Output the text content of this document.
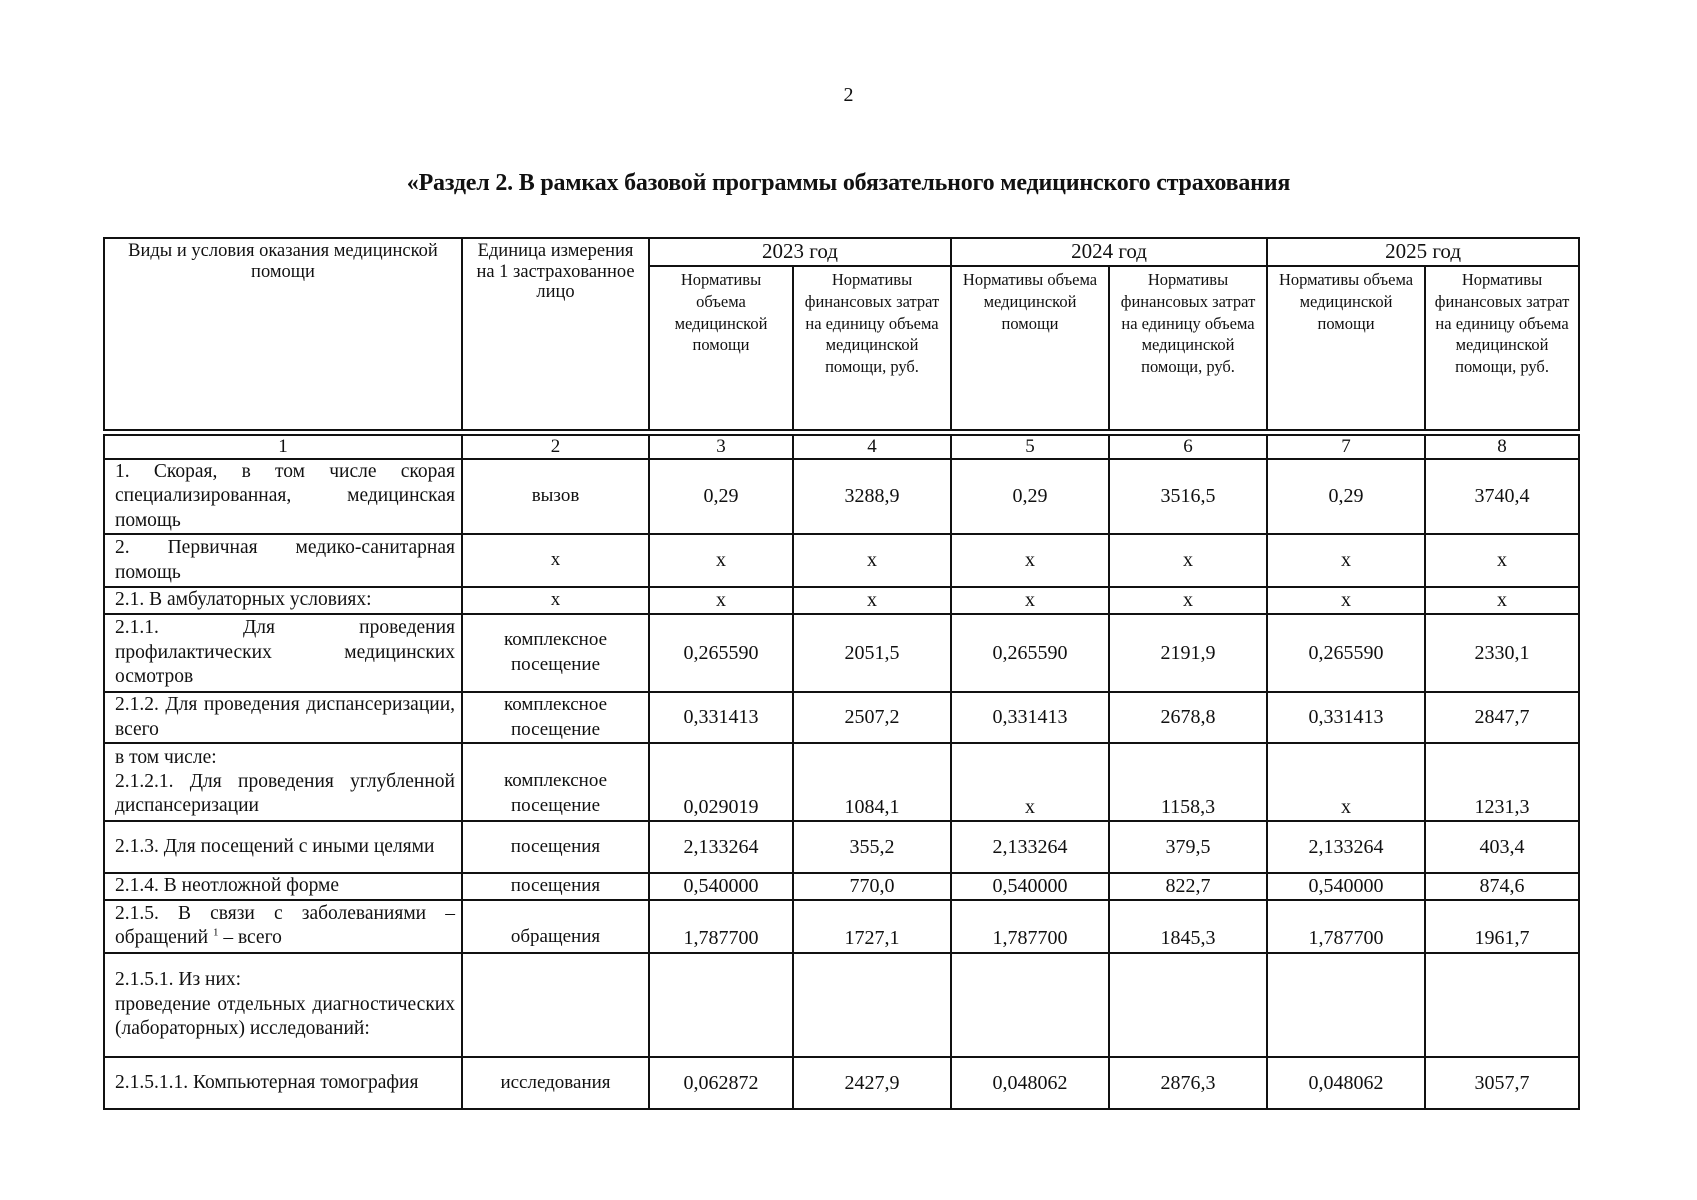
2
«Раздел 2. В рамках базовой программы обязательного медицинского страхования
Виды и условия оказания медицинской помощи	Единица измерения на 1 застрахованное лицо	2023 год		2024 год		2025 год	
		Нормативы объема медицинской помощи	Нормативы финансовых затрат на единицу объема медицинской помощи, руб.	Нормативы объема медицинской помощи	Нормативы финансовых затрат на единицу объема медицинской помощи, руб.	Нормативы объема медицинской помощи	Нормативы финансовых затрат на единицу объема медицинской помощи, руб.

1	2	3	4	5	6	7	8
1. Скорая, в том числе скорая специализированная, медицинская помощь	вызов	0,29	3288,9	0,29	3516,5	0,29	3740,4
2. Первичная медико-санитарная помощь	х	х	х	х	х	х	х
2.1. В амбулаторных условиях:	х	х	х	х	х	х	х
2.1.1. Для проведения профилактических медицинских осмотров	комплексное посещение	0,265590	2051,5	0,265590	2191,9	0,265590	2330,1
2.1.2. Для проведения диспансеризации, всего	комплексное посещение	0,331413	2507,2	0,331413	2678,8	0,331413	2847,7

в том числе:
2.1.2.1. Для проведения углубленной диспансеризации	комплексное посещение	0,029019	1084,1	х	1158,3	х	1231,3
2.1.3. Для посещений с иными целями	посещения	2,133264	355,2	2,133264	379,5	2,133264	403,4
2.1.4. В неотложной форме	посещения	0,540000	770,0	0,540000	822,7	0,540000	874,6
2.1.5. В связи с заболеваниями – обращений $^1$ – всего	обращения	1,787700	1727,1	1,787700	1845,3	1,787700	1961,7

2.1.5.1. Из них:
проведение отдельных диагностических (лабораторных) исследований:							

2.1.5.1.1. Компьютерная томография	исследования	0,062872	2427,9	0,048062	2876,3	0,048062	3057,7
